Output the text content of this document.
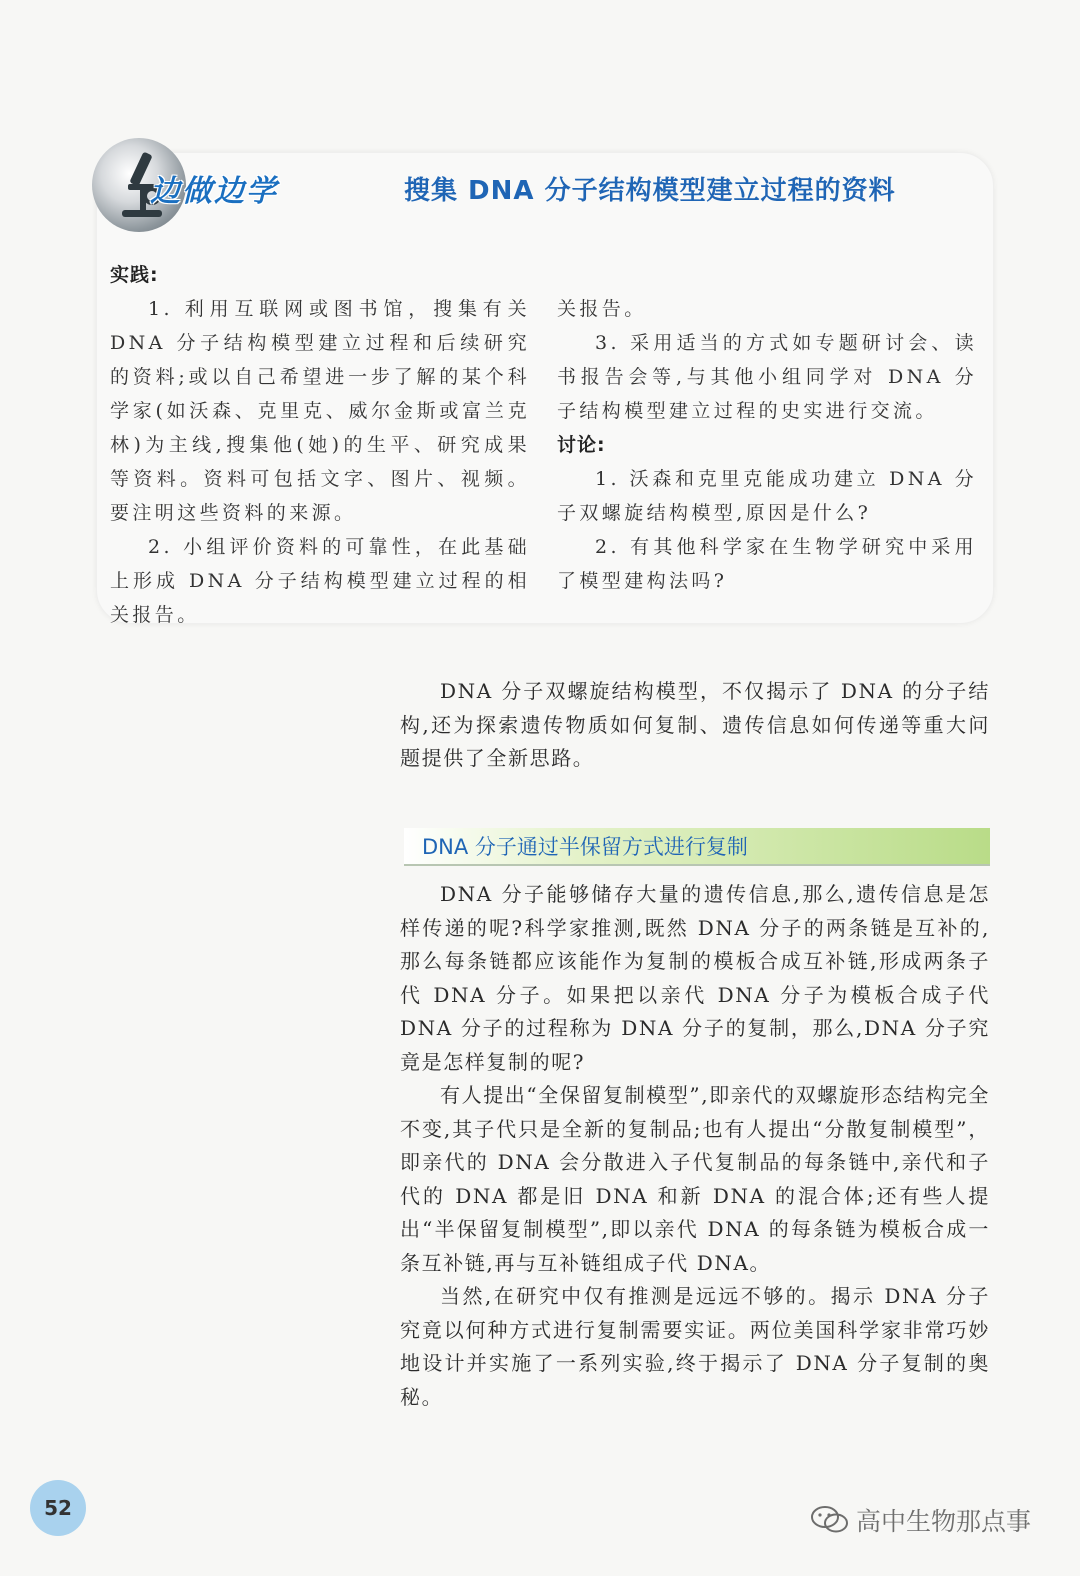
边做边学	搜集 DNA 分子结构模型建立过程的资料

实践:

1. 利用互联网或图书馆，搜集有关 DNA 分子结构模型建立过程和后续研究的资料;或以自己希望进一步了解的某个科学家(如沃森、克里克、威尔金斯或富兰克林)为主线,搜集他(她)的生平、研究成果等资料。资料可包括文字、图片、视频。要注明这些资料的来源。

2. 小组评价资料的可靠性，在此基础上形成 DNA 分子结构模型建立过程的相关报告。

关报告。

3. 采用适当的方式如专题研讨会、读书报告会等,与其他小组同学对 DNA 分子结构模型建立过程的史实进行交流。

讨论:

1. 沃森和克里克能成功建立 DNA 分子双螺旋结构模型,原因是什么?

2. 有其他科学家在生物学研究中采用了模型建构法吗?

DNA 分子双螺旋结构模型，不仅揭示了 DNA 的分子结构,还为探索遗传物质如何复制、遗传信息如何传递等重大问题提供了全新思路。

DNA 分子通过半保留方式进行复制

DNA 分子能够储存大量的遗传信息,那么,遗传信息是怎样传递的呢?科学家推测,既然 DNA 分子的两条链是互补的,那么每条链都应该能作为复制的模板合成互补链,形成两条子代 DNA 分子。如果把以亲代 DNA 分子为模板合成子代 DNA 分子的过程称为 DNA 分子的复制，那么,DNA 分子究竟是怎样复制的呢?

有人提出“全保留复制模型”,即亲代的双螺旋形态结构完全不变,其子代只是全新的复制品;也有人提出“分散复制模型”，即亲代的 DNA 会分散进入子代复制品的每条链中,亲代和子代的 DNA 都是旧 DNA 和新 DNA 的混合体;还有些人提出“半保留复制模型”,即以亲代 DNA 的每条链为模板合成一条互补链,再与互补链组成子代 DNA。

当然,在研究中仅有推测是远远不够的。揭示 DNA 分子究竟以何种方式进行复制需要实证。两位美国科学家非常巧妙地设计并实施了一系列实验,终于揭示了 DNA 分子复制的奥秘。

52	高中生物那点事
